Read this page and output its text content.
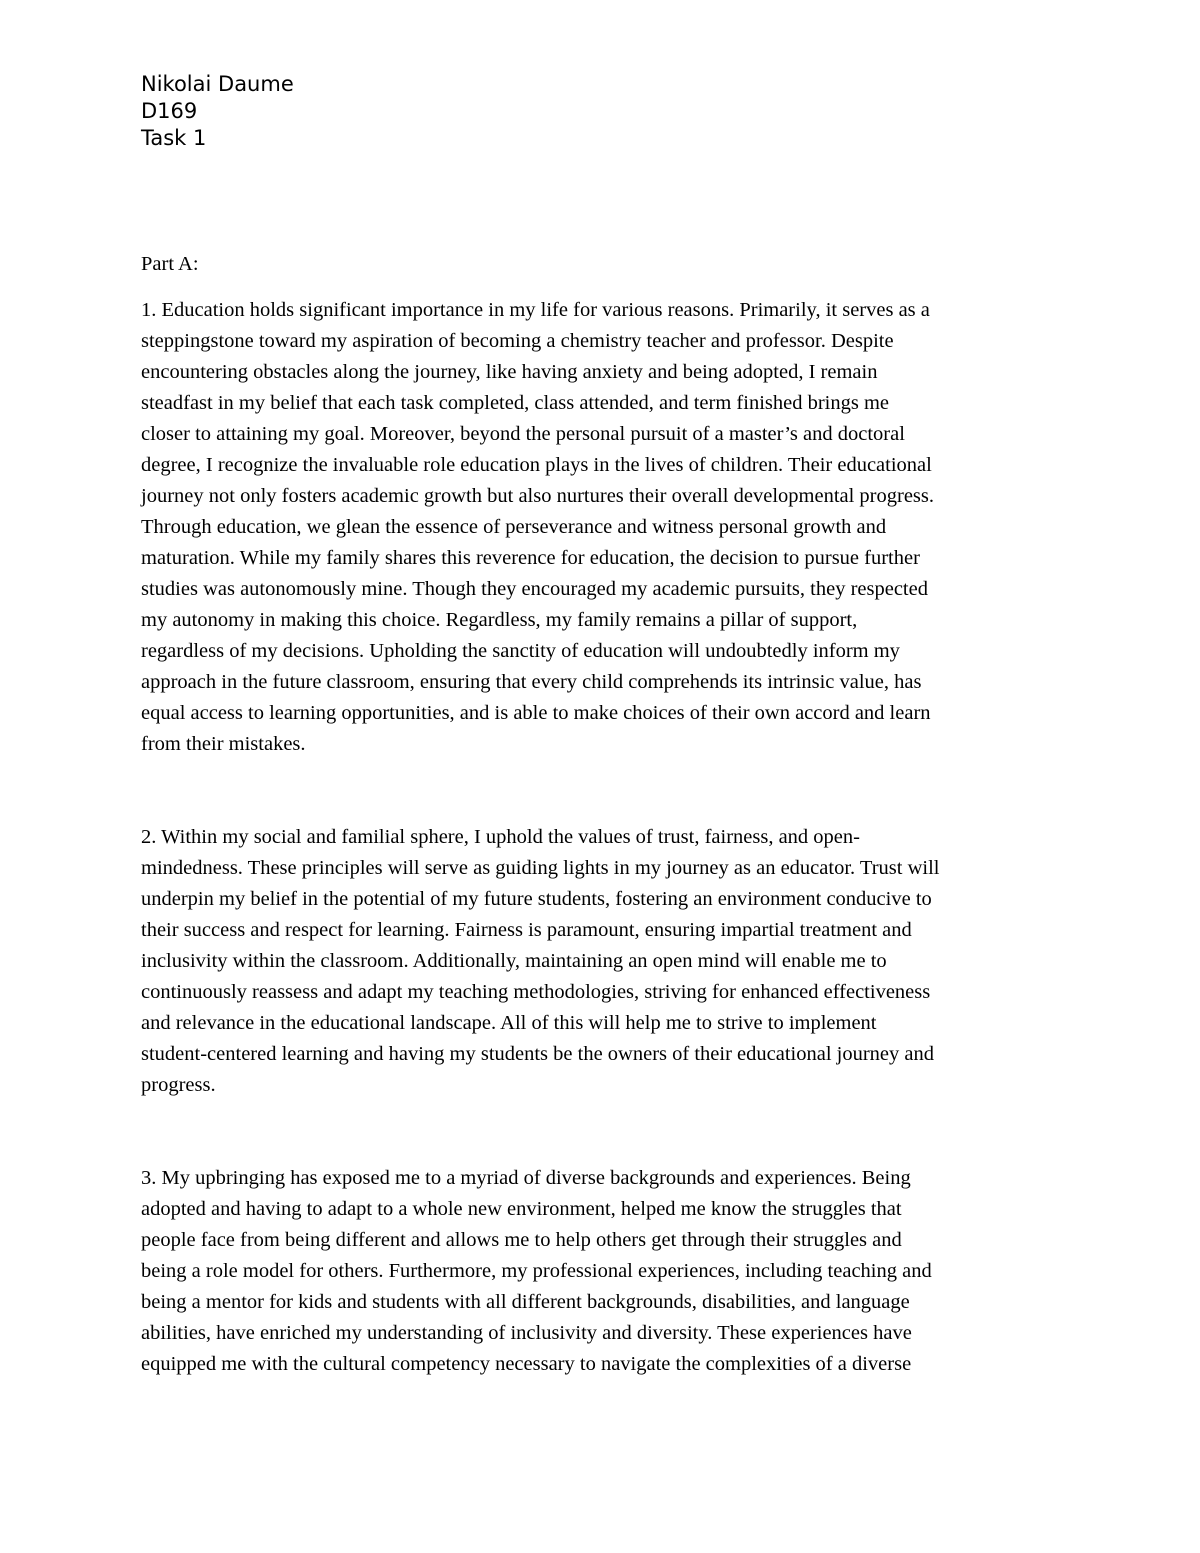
Nikolai Daume
D169
Task 1
Part A:
1. Education holds significant importance in my life for various reasons. Primarily, it serves as a
steppingstone toward my aspiration of becoming a chemistry teacher and professor. Despite
encountering obstacles along the journey, like having anxiety and being adopted, I remain
steadfast in my belief that each task completed, class attended, and term finished brings me
closer to attaining my goal. Moreover, beyond the personal pursuit of a master’s and doctoral
degree, I recognize the invaluable role education plays in the lives of children. Their educational
journey not only fosters academic growth but also nurtures their overall developmental progress.
Through education, we glean the essence of perseverance and witness personal growth and
maturation. While my family shares this reverence for education, the decision to pursue further
studies was autonomously mine. Though they encouraged my academic pursuits, they respected
my autonomy in making this choice. Regardless, my family remains a pillar of support,
regardless of my decisions. Upholding the sanctity of education will undoubtedly inform my
approach in the future classroom, ensuring that every child comprehends its intrinsic value, has
equal access to learning opportunities, and is able to make choices of their own accord and learn
from their mistakes.
2. Within my social and familial sphere, I uphold the values of trust, fairness, and open-
mindedness. These principles will serve as guiding lights in my journey as an educator. Trust will
underpin my belief in the potential of my future students, fostering an environment conducive to
their success and respect for learning. Fairness is paramount, ensuring impartial treatment and
inclusivity within the classroom. Additionally, maintaining an open mind will enable me to
continuously reassess and adapt my teaching methodologies, striving for enhanced effectiveness
and relevance in the educational landscape. All of this will help me to strive to implement
student-centered learning and having my students be the owners of their educational journey and
progress.
3. My upbringing has exposed me to a myriad of diverse backgrounds and experiences. Being
adopted and having to adapt to a whole new environment, helped me know the struggles that
people face from being different and allows me to help others get through their struggles and
being a role model for others. Furthermore, my professional experiences, including teaching and
being a mentor for kids and students with all different backgrounds, disabilities, and language
abilities, have enriched my understanding of inclusivity and diversity. These experiences have
equipped me with the cultural competency necessary to navigate the complexities of a diverse
